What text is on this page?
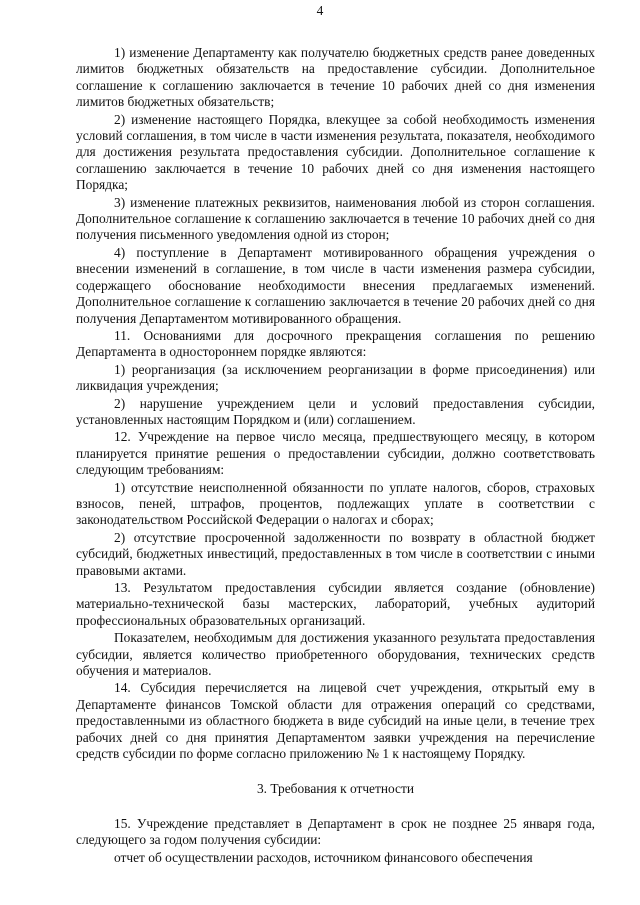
4

1) изменение Департаменту как получателю бюджетных средств ранее доведенных лимитов бюджетных обязательств на предоставление субсидии. Дополнительное соглашение к соглашению заключается в течение 10 рабочих дней со дня изменения лимитов бюджетных обязательств;

2) изменение настоящего Порядка, влекущее за собой необходимость изменения условий соглашения, в том числе в части изменения результата, показателя, необходимого для достижения результата предоставления субсидии. Дополнительное соглашение к соглашению заключается в течение 10 рабочих дней со дня изменения настоящего Порядка;

3) изменение платежных реквизитов, наименования любой из сторон соглашения. Дополнительное соглашение к соглашению заключается в течение 10 рабочих дней со дня получения письменного уведомления одной из сторон;

4) поступление в Департамент мотивированного обращения учреждения о внесении изменений в соглашение, в том числе в части изменения размера субсидии, содержащего обоснование необходимости внесения предлагаемых изменений. Дополнительное соглашение к соглашению заключается в течение 20 рабочих дней со дня получения Департаментом мотивированного обращения.

11. Основаниями для досрочного прекращения соглашения по решению Департамента в одностороннем порядке являются:

1) реорганизация (за исключением реорганизации в форме присоединения) или ликвидация учреждения;

2) нарушение учреждением цели и условий предоставления субсидии, установленных настоящим Порядком и (или) соглашением.

12. Учреждение на первое число месяца, предшествующего месяцу, в котором планируется принятие решения о предоставлении субсидии, должно соответствовать следующим требованиям:

1) отсутствие неисполненной обязанности по уплате налогов, сборов, страховых взносов, пеней, штрафов, процентов, подлежащих уплате в соответствии с законодательством Российской Федерации о налогах и сборах;

2) отсутствие просроченной задолженности по возврату в областной бюджет субсидий, бюджетных инвестиций, предоставленных в том числе в соответствии с иными правовыми актами.

13. Результатом предоставления субсидии является создание (обновление) материально-технической базы мастерских, лабораторий, учебных аудиторий профессиональных образовательных организаций.

Показателем, необходимым для достижения указанного результата предоставления субсидии, является количество приобретенного оборудования, технических средств обучения и материалов.

14. Субсидия перечисляется на лицевой счет учреждения, открытый ему в Департаменте финансов Томской области для отражения операций со средствами, предоставленными из областного бюджета в виде субсидий на иные цели, в течение трех рабочих дней со дня принятия Департаментом заявки учреждения на перечисление средств субсидии по форме согласно приложению № 1 к настоящему Порядку.

3. Требования к отчетности

15. Учреждение представляет в Департамент в срок не позднее 25 января года, следующего за годом получения субсидии:

отчет об осуществлении расходов, источником финансового обеспечения
